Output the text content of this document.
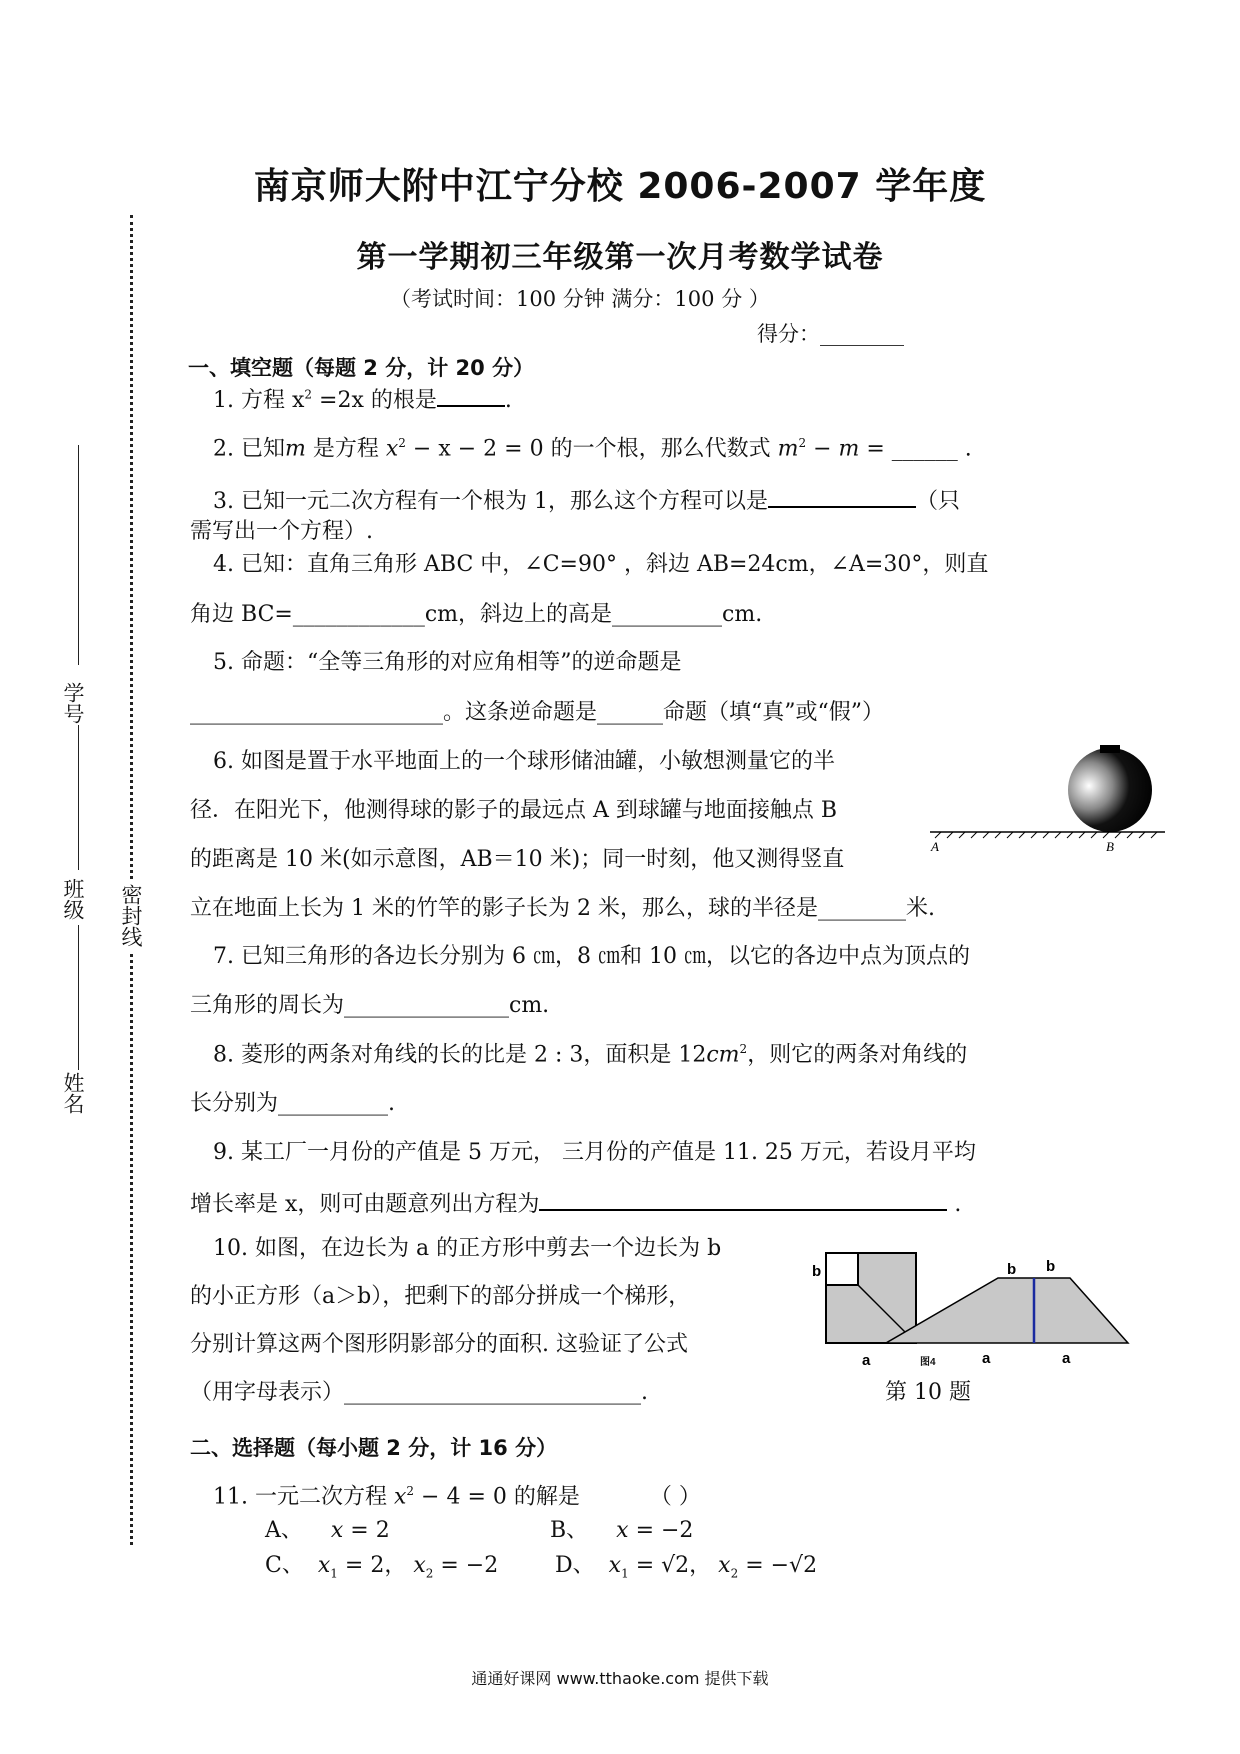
南京师大附中江宁分校 2006-2007 学年度
第一学期初三年级第一次月考数学试卷
（考试时间：100 分钟 满分：100 分 ）
得分：________
密封线
学号
班级
姓名
一、填空题（每题 2 分，计 20 分）
1. 方程 $x^2 =2x$ 的根是	.
2. 已知m 是方程 $x^2 - x - 2 = 0$ 的一个根，那么代数式 $m^2 - m$ = ______ .
3. 已知一元二次方程有一个根为 1，那么这个方程可以是	（只
需写出一个方程）.
4. 已知：直角三角形 ABC 中，∠C=90° ，斜边 AB=24cm，∠A=30°，则直
角边 BC=____________cm，斜边上的高是__________cm.
5. 命题：“全等三角形的对应角相等”的逆命题是
_______________________。这条逆命题是______命题（填“真”或“假”）
6. 如图是置于水平地面上的一个球形储油罐，小敏想测量它的半
径．在阳光下，他测得球的影子的最远点 A 到球罐与地面接触点 B
的距离是 10 米(如示意图，AB＝10 米)；同一时刻，他又测得竖直
立在地面上长为 1 米的竹竿的影子长为 2 米，那么，球的半径是________米.
A	B
7. 已知三角形的各边长分别为 6 ㎝，8 ㎝和 10 ㎝，以它的各边中点为顶点的
三角形的周长为_______________cm.
8. 菱形的两条对角线的长的比是 2 : 3，面积是 $12cm^2$，则它的两条对角线的
长分别为__________.
9. 某工厂一月份的产值是 5 万元， 三月份的产值是 11. 25 万元，若设月平均
增长率是 x，则可由题意列出方程为	.
10. 如图，在边长为 a 的正方形中剪去一个边长为 b
的小正方形（a＞b），把剩下的部分拼成一个梯形，
分别计算这两个图形阴影部分的面积. 这验证了公式
（用字母表示）___________________________.
b
a
b b
a	a
图4
第 10 题
二、选择题（每小题 2 分，计 16 分）
11. 一元二次方程 $x^2 - 4 = 0$ 的解是	（ ）
A、 x = 2	B、 x = −2
C、 $x_1 = 2$， $x_2 = -2$	D、 $x_1 = √2$， $x_2 = -√2$
通通好课网 www.tthaoke.com 提供下载
